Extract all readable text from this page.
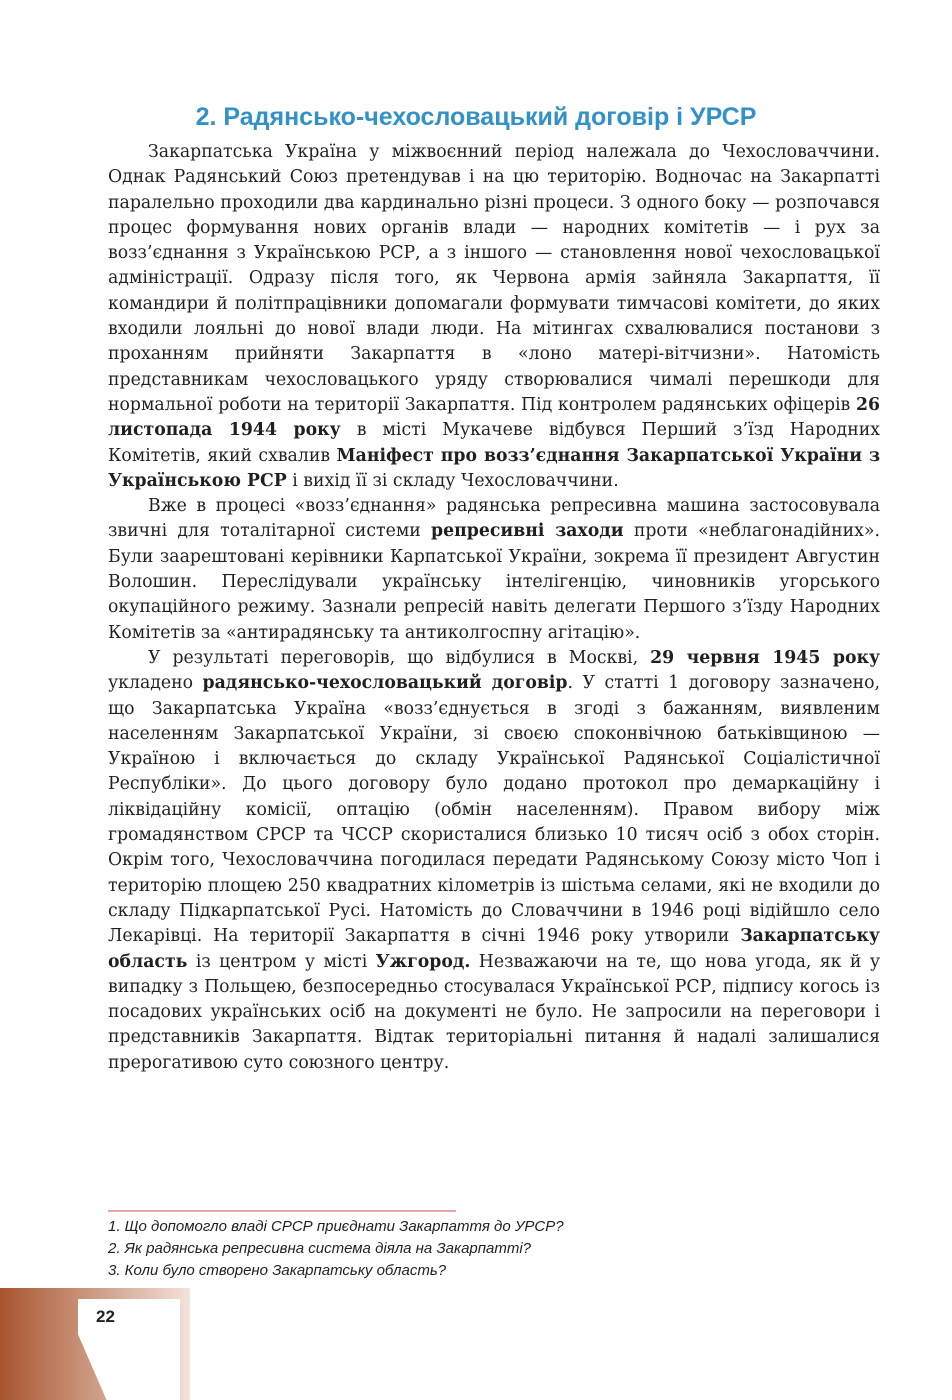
2. Радянсько-чехословацький договір і УРСР

Закарпатська Україна у міжвоєнний період належала до Чехословаччини. Однак Радянський Союз претендував і на цю територію. Водночас на Закарпатті паралельно проходили два кардинально різні процеси. З одного боку — розпочався процес формування нових органів влади — народних комітетів — і рух за возз’єднання з Українською РСР, а з іншого — становлення нової чехословацької адміністрації. Одразу після того, як Червона армія зайняла Закарпаття, її командири й політпрацівники допомагали формувати тимчасові комітети, до яких входили лояльні до нової влади люди. На мітингах схвалювалися постанови з проханням прийняти Закарпаття в «лоно матері-вітчизни». Натомість представникам чехословацького уряду створювалися чималі перешкоди для нормальної роботи на території Закарпаття. Під контролем радянських офіцерів 26 листопада 1944 року в місті Мукачеве відбувся Перший з’їзд Народних Комітетів, який схвалив Маніфест про возз’єднання Закарпатської України з Українською РСР і вихід її зі складу Чехословаччини.

Вже в процесі «возз’єднання» радянська репресивна машина застосовувала звичні для тоталітарної системи репресивні заходи проти «неблагонадійних». Були заарештовані керівники Карпатської України, зокрема її президент Августин Волошин. Переслідували українську інтелігенцію, чиновників угорського окупаційного режиму. Зазнали репресій навіть делегати Першого з’їзду Народних Комітетів за «антирадянську та антиколгоспну агітацію».

У результаті переговорів, що відбулися в Москві, 29 червня 1945 року укладено радянсько-чехословацький договір. У статті 1 договору зазначено, що Закарпатська Україна «возз’єднується в згоді з бажанням, виявленим населенням Закарпатської України, зі своєю споконвічною батьківщиною — Україною і включається до складу Української Радянської Соціалістичної Республіки». До цього договору було додано протокол про демаркаційну і ліквідаційну комісії, оптацію (обмін населенням). Правом вибору між громадянством СРСР та ЧССР скористалися близько 10 тисяч осіб з обох сторін. Окрім того, Чехословаччина погодилася передати Радянському Союзу місто Чоп і територію площею 250 квадратних кілометрів із шістьма селами, які не входили до складу Підкарпатської Русі. Натомість до Словаччини в 1946 році відійшло село Лекарівці. На території Закарпаття в січні 1946 року утворили Закарпатську область із центром у місті Ужгород. Незважаючи на те, що нова угода, як й у випадку з Польщею, безпосередньо стосувалася Української РСР, підпису когось із посадових українських осіб на документі не було. Не запросили на переговори і представників Закарпаття. Відтак територіальні питання й надалі залишалися прерогативою суто союзного центру.

1. Що допомогло владі СРСР приєднати Закарпаття до УРСР?
2. Як радянська репресивна система діяла на Закарпатті?
3. Коли було створено Закарпатську область?
22
